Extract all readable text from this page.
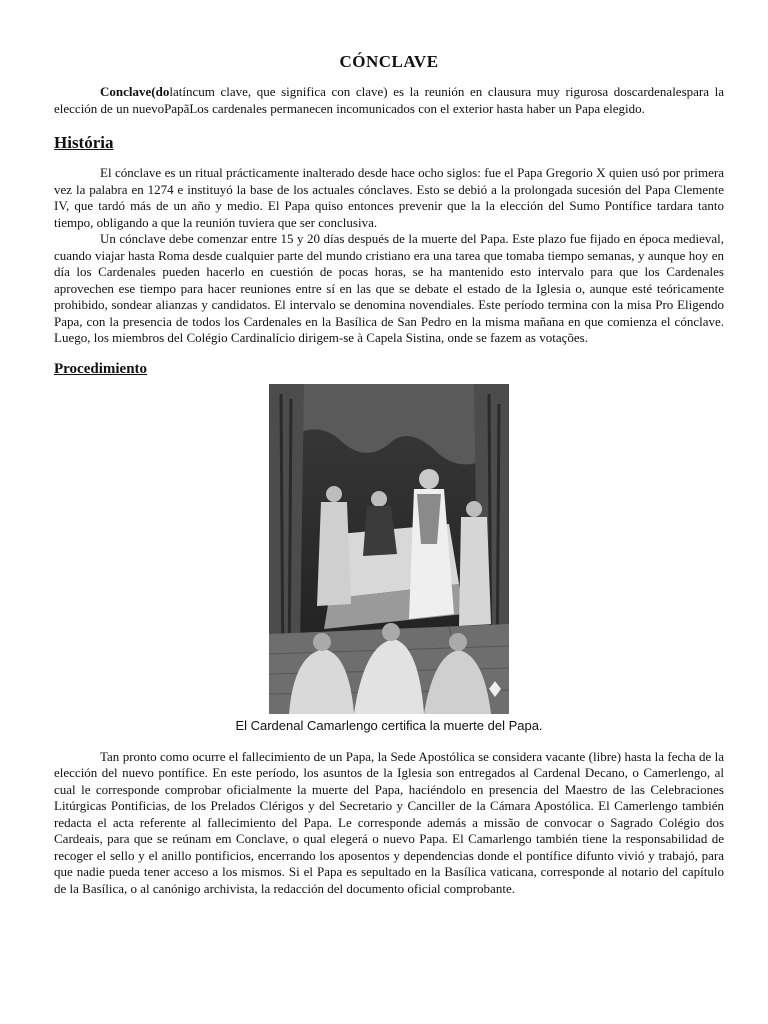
CÓNCLAVE

Conclave(dolatíncum clave, que significa con clave) es la reunión en clausura muy rigurosa doscardenalespara la elección de un nuevoPapãLos cardenales permanecen incomunicados con el exterior hasta haber un Papa elegido.

História

El cónclave es un ritual prácticamente inalterado desde hace ocho siglos: fue el Papa Gregorio X quien usó por primera vez la palabra en 1274 e instituyó la base de los actuales cónclaves. Esto se debió a la prolongada sucesión del Papa Clemente IV, que tardó más de un año y medio. El Papa quiso entonces prevenir que la la elección del Sumo Pontífice tardara tanto tiempo, obligando a que la reunión tuviera que ser conclusiva.

Un cónclave debe comenzar entre 15 y 20 días después de la muerte del Papa. Este plazo fue fijado en época medieval, cuando viajar hasta Roma desde cualquier parte del mundo cristiano era una tarea que tomaba tiempo semanas, y aunque hoy en día los Cardenales pueden hacerlo en cuestión de pocas horas, se ha mantenido esto intervalo para que los Cardenales aprovechen ese tiempo para hacer reuniones entre sí en las que se debate el estado de la Iglesia o, aunque esté teóricamente prohibido, sondear alianzas y candidatos. El intervalo se denomina novendiales. Este período termina con la misa Pro Eligendo Papa, con la presencia de todos los Cardenales en la Basílica de San Pedro en la misma mañana en que comienza el cónclave. Luego, los miembros del Colégio Cardinalício dirigem-se à Capela Sistina, onde se fazem as votações.

Procedimiento
El Cardenal Camarlengo certifica la muerte del Papa.

Tan pronto como ocurre el fallecimiento de un Papa, la Sede Apostólica se considera vacante (libre) hasta la fecha de la elección del nuevo pontífice. En este período, los asuntos de la Iglesia son entregados al Cardenal Decano, o Camerlengo, al cual le corresponde comprobar oficialmente la muerte del Papa, haciéndolo en presencia del Maestro de las Celebraciones Litúrgicas Pontificias, de los Prelados Clérigos y del Secretario y Canciller de la Cámara Apostólica. El Camerlengo también redacta el acta referente al fallecimiento del Papa. Le corresponde además a missão de convocar o Sagrado Colégio dos Cardeais, para que se reúnam em Conclave, o qual elegerá o nuevo Papa. El Camarlengo también tiene la responsabilidad de recoger el sello y el anillo pontificios, encerrando los aposentos y dependencias donde el pontífice difunto vivió y trabajó, para que nadie pueda tener acceso a los mismos. Si el Papa es sepultado en la Basílica vaticana, corresponde al notario del capítulo de la Basílica, o al canónigo archivista, la redacción del documento oficial comprobante.
